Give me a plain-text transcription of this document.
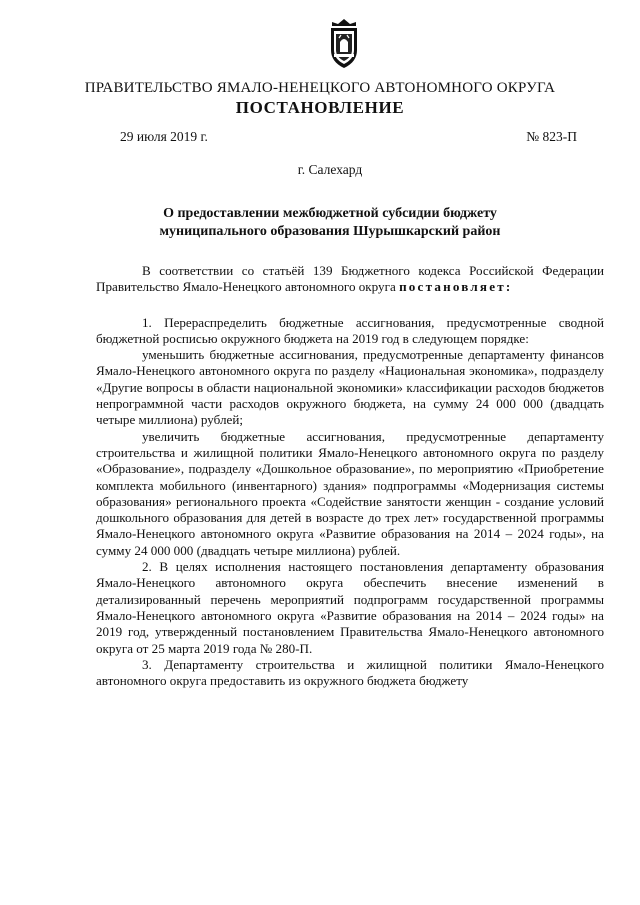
ПРАВИТЕЛЬСТВО ЯМАЛО-НЕНЕЦКОГО АВТОНОМНОГО ОКРУГА
ПОСТАНОВЛЕНИЕ
29 июля 2019 г.	№ 823-П
г. Салехард
О предоставлении межбюджетной субсидии бюджету
муниципального образования Шурышкарский район

В соответствии со статьёй 139 Бюджетного кодекса Российской Федерации Правительство Ямало-Ненецкого автономного округа постановляет:

1. Перераспределить бюджетные ассигнования, предусмотренные сводной бюджетной росписью окружного бюджета на 2019 год в следующем порядке:

уменьшить бюджетные ассигнования, предусмотренные департаменту финансов Ямало-Ненецкого автономного округа по разделу «Национальная экономика», подразделу «Другие вопросы в области национальной экономики» классификации расходов бюджетов непрограммной части расходов окружного бюджета, на сумму 24 000 000 (двадцать четыре миллиона) рублей;

увеличить бюджетные ассигнования, предусмотренные департаменту строительства и жилищной политики Ямало-Ненецкого автономного округа по разделу «Образование», подразделу «Дошкольное образование», по мероприятию «Приобретение комплекта мобильного (инвентарного) здания» подпрограммы «Модернизация системы образования» регионального проекта «Содействие занятости женщин - создание условий дошкольного образования для детей в возрасте до трех лет» государственной программы Ямало-Ненецкого автономного округа «Развитие образования на 2014 – 2024 годы», на сумму 24 000 000 (двадцать четыре миллиона) рублей.

2. В целях исполнения настоящего постановления департаменту образования Ямало-Ненецкого автономного округа обеспечить внесение изменений в детализированный перечень мероприятий подпрограмм государственной программы Ямало-Ненецкого автономного округа «Развитие образования на 2014 – 2024 годы» на 2019 год, утвержденный постановлением Правительства Ямало-Ненецкого автономного округа от 25 марта 2019 года № 280-П.

3. Департаменту строительства и жилищной политики Ямало-Ненецкого автономного округа предоставить из окружного бюджета бюджету
